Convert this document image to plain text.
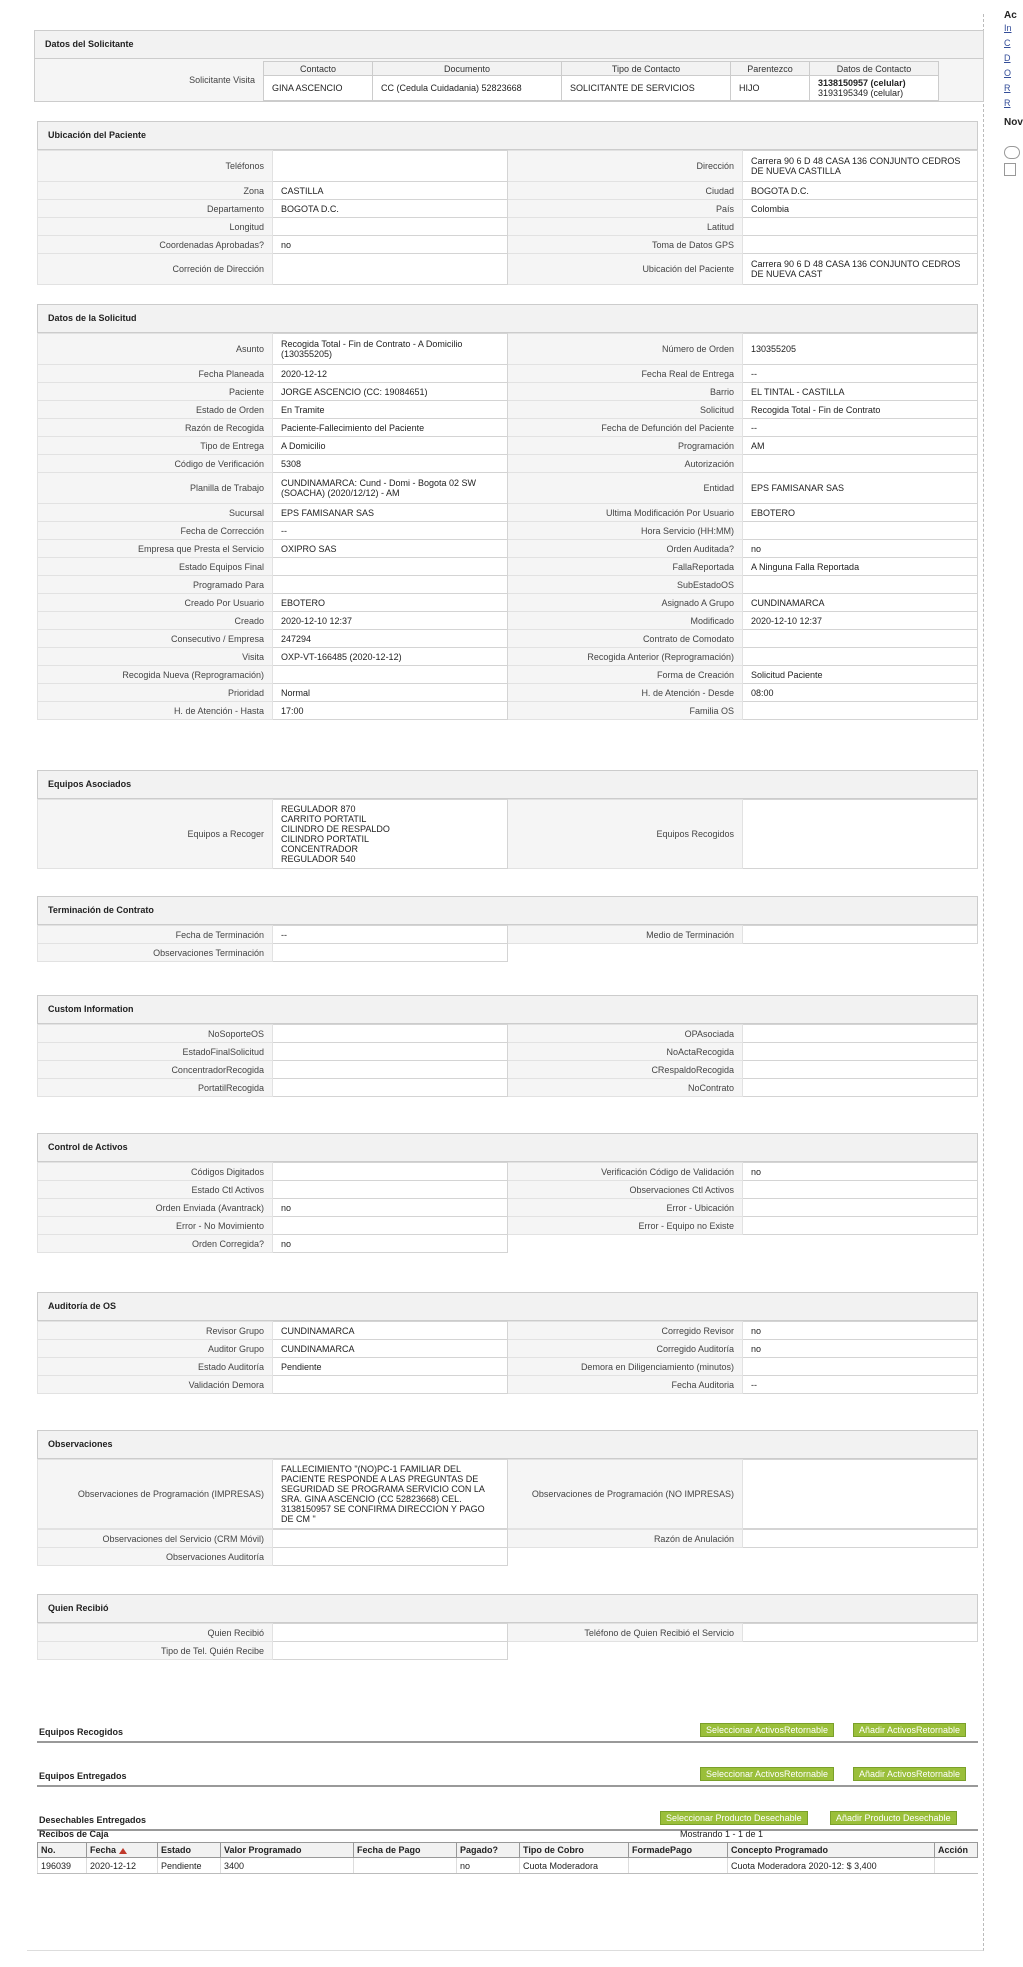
Datos del Solicitante
Solicitante Visita
Contacto	Documento	Tipo de Contacto	Parentezco	Datos de Contacto
GINA ASCENCIO	CC (Cedula Cuidadania) 52823668	SOLICITANTE DE SERVICIOS	HIJO	3138150957 (celular)
3193195349 (celular)
Ubicación del Paciente
Teléfonos		Dirección	Carrera 90 6 D 48 CASA 136 CONJUNTO CEDROS DE NUEVA CASTILLA
Zona	CASTILLA	Ciudad	BOGOTA D.C.
Departamento	BOGOTA D.C.	País	Colombia
Longitud		Latitud	
Coordenadas Aprobadas?	no	Toma de Datos GPS	
Correción de Dirección		Ubicación del Paciente	Carrera 90 6 D 48 CASA 136 CONJUNTO CEDROS DE NUEVA CAST
Datos de la Solicitud
Asunto	Recogida Total - Fin de Contrato - A Domicilio (130355205)	Número de Orden	130355205
Fecha Planeada	2020-12-12	Fecha Real de Entrega	--
Paciente	JORGE ASCENCIO (CC: 19084651)	Barrio	EL TINTAL - CASTILLA
Estado de Orden	En Tramite	Solicitud	Recogida Total - Fin de Contrato
Razón de Recogida	Paciente-Fallecimiento del Paciente	Fecha de Defunción del Paciente	--
Tipo de Entrega	A Domicilio	Programación	AM
Código de Verificación	5308	Autorización	
Planilla de Trabajo	CUNDINAMARCA: Cund - Domi - Bogota 02 SW (SOACHA) (2020/12/12) - AM	Entidad	EPS FAMISANAR SAS
Sucursal	EPS FAMISANAR SAS	Ultima Modificación Por Usuario	EBOTERO
Fecha de Corrección	--	Hora Servicio (HH:MM)	
Empresa que Presta el Servicio	OXIPRO SAS	Orden Auditada?	no
Estado Equipos Final		FallaReportada	A Ninguna Falla Reportada
Programado Para		SubEstadoOS	
Creado Por Usuario	EBOTERO	Asignado A Grupo	CUNDINAMARCA
Creado	2020-12-10 12:37	Modificado	2020-12-10 12:37
Consecutivo / Empresa	247294	Contrato de Comodato	
Visita	OXP-VT-166485 (2020-12-12)	Recogida Anterior (Reprogramación)	
Recogida Nueva (Reprogramación)		Forma de Creación	Solicitud Paciente
Prioridad	Normal	H. de Atención - Desde	08:00
H. de Atención - Hasta	17:00	Familia OS	
Equipos Asociados
Equipos a Recoger	
REGULADOR 870
CARRITO PORTATIL
CILINDRO DE RESPALDO
CILINDRO PORTATIL
CONCENTRADOR
REGULADOR 540
	Equipos Recogidos	
Terminación de Contrato
Fecha de Terminación	--	Medio de Terminación	
Observaciones Terminación			
Custom Information
NoSoporteOS		OPAsociada	
EstadoFinalSolicitud		NoActaRecogida	
ConcentradorRecogida		CRespaldoRecogida	
PortatilRecogida		NoContrato	
Control de Activos
Códigos Digitados		Verificación Código de Validación	no
Estado Ctl Activos		Observaciones Ctl Activos	
Orden Enviada (Avantrack)	no	Error - Ubicación	
Error - No Movimiento		Error - Equipo no Existe	
Orden Corregida?	no		
Auditoría de OS
Revisor Grupo	CUNDINAMARCA	Corregido Revisor	no
Auditor Grupo	CUNDINAMARCA	Corregido Auditoría	no
Estado Auditoría	Pendiente	Demora en Diligenciamiento (minutos)	
Validación Demora		Fecha Auditoria	--
Observaciones
Observaciones de Programación (IMPRESAS)	FALLECIMIENTO "(NO)PC-1 FAMILIAR DEL PACIENTE RESPONDE A LAS PREGUNTAS DE SEGURIDAD SE PROGRAMA SERVICIO CON LA SRA. GINA ASCENCIO (CC 52823668) CEL. 3138150957 SE CONFIRMA DIRECCION Y PAGO DE CM "	Observaciones de Programación (NO IMPRESAS)	
Observaciones del Servicio (CRM Móvil)		Razón de Anulación	
Observaciones Auditoría			
Quien Recibió
Quien Recibió		Teléfono de Quien Recibió el Servicio	
Tipo de Tel. Quién Recibe			
Equipos Recogidos	Seleccionar ActivosRetornable	Añadir ActivosRetornable
Equipos Entregados	Seleccionar ActivosRetornable	Añadir ActivosRetornable
Desechables Entregados	Seleccionar Producto Desechable	Añadir Producto Desechable
Recibos de Caja	Mostrando 1 - 1 de 1
No.	Fecha	Estado	Valor Programado	Fecha de Pago	Pagado?	Tipo de Cobro	FormadePago	Concepto Programado	Acción
196039	2020-12-12	Pendiente	3400		no	Cuota Moderadora		Cuota Moderadora 2020-12: $ 3,400	
Ac
In
C
D
O
R
R
Nov
